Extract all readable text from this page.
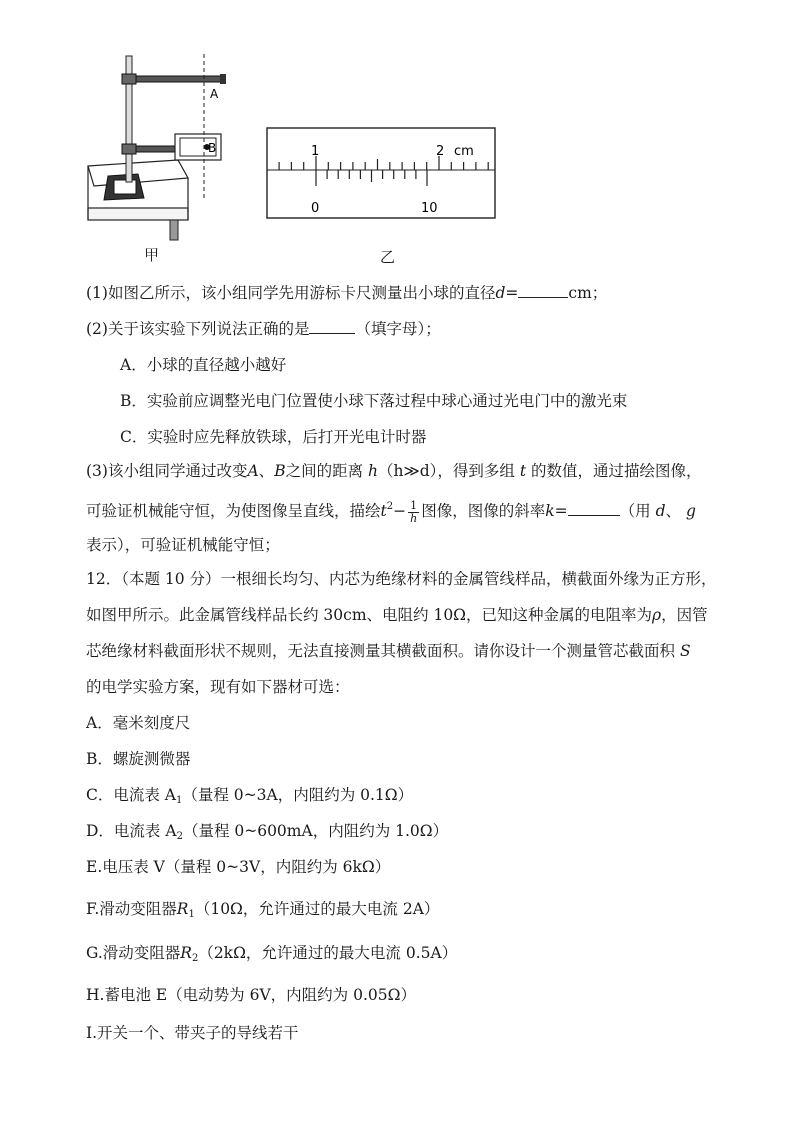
A
B
甲
1	2 cm
0	10
乙
(1)如图乙所示，该小组同学先用游标卡尺测量出小球的直径d=	cm；
(2)关于该实验下列说法正确的是	（填字母）；
A．小球的直径越小越好
B．实验前应调整光电门位置使小球下落过程中球心通过光电门中的激光束
C．实验时应先释放铁球，后打开光电计时器
(3)该小组同学通过改变A、B之间的距离 h（h≫d），得到多组 t 的数值，通过描绘图像，
可验证机械能守恒，为使图像呈直线，描绘$t^2- \frac{1}{h}$ 图像，图像的斜率k=	（用 d、 g
表示），可验证机械能守恒；
12．（本题 10 分）一根细长均匀、内芯为绝缘材料的金属管线样品，横截面外缘为正方形，
如图甲所示。此金属管线样品长约 30cm、电阻约 10Ω，已知这种金属的电阻率为ρ，因管
芯绝缘材料截面形状不规则，无法直接测量其横截面积。请你设计一个测量管芯截面积 S
的电学实验方案，现有如下器材可选：
A．毫米刻度尺
B．螺旋测微器
C．电流表 $A_1$（量程 0~3A，内阻约为 0.1Ω）
D．电流表 $A_2$（量程 0~600mA，内阻约为 1.0Ω）
E.电压表 V（量程 0~3V，内阻约为 6kΩ）
F.滑动变阻器$R_1(10\Omega$，允许通过的最大电流 2A）
G.滑动变阻器$R_2(2k\Omega$，允许通过的最大电流 0.5A）
H.蓄电池 E（电动势为 6V，内阻约为 0.05Ω）
I.开关一个、带夹子的导线若干
